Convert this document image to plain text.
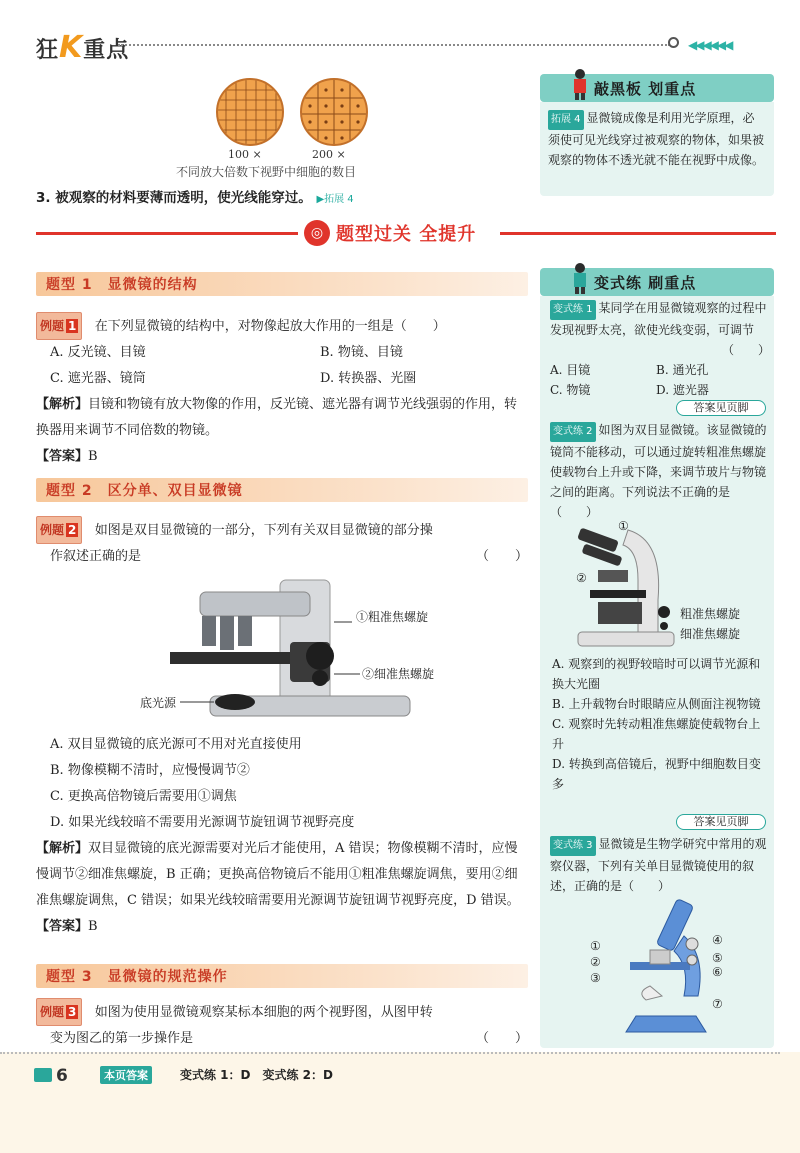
狂K重点	◀◀◀◀◀◀
100 ×	200 ×
不同放大倍数下视野中细胞的数目
3. 被观察的材料要薄而透明，使光线能穿过。 ▶拓展 4
敲黑板 划重点
拓展 4 显微镜成像是利用光学原理，必须使可见光线穿过被观察的物体，如果被观察的物体不透光就不能在视野中成像。
◎ 题型过关 全提升
题型 1　显微镜的结构
例题 1 在下列显微镜的结构中，对物像起放大作用的一组是（　　）
A. 反光镜、目镜	B. 物镜、目镜
C. 遮光器、镜筒	D. 转换器、光圈
【解析】目镜和物镜有放大物像的作用，反光镜、遮光器有调节光线强弱的作用，转换器用来调节不同倍数的物镜。
【答案】B
题型 2　区分单、双目显微镜
例题 2 如图是双目显微镜的一部分，下列有关双目显微镜的部分操
作叙述正确的是	（　　）
①粗准焦螺旋
②细准焦螺旋
底光源
A. 双目显微镜的底光源可不用对光直接使用
B. 物像模糊不清时，应慢慢调节②
C. 更换高倍物镜后需要用①调焦
D. 如果光线较暗不需要用光源调节旋钮调节视野亮度
【解析】双目显微镜的底光源需要对光后才能使用，A 错误；物像模糊不清时，应慢慢调节②细准焦螺旋，B 正确；更换高倍物镜后不能用①粗准焦螺旋调焦，要用②细准焦螺旋调焦，C 错误；如果光线较暗需要用光源调节旋钮调节视野亮度，D 错误。
【答案】B
题型 3　显微镜的规范操作
例题 3 如图为使用显微镜观察某标本细胞的两个视野图，从图甲转
变为图乙的第一步操作是	（　　）
变式练 刷重点
变式练 1 某同学在用显微镜观察的过程中发现视野太亮，欲使光线变弱，可调节
（　　）
A. 目镜	B. 通光孔
C. 物镜	D. 遮光器
答案见页脚
变式练 2 如图为双目显微镜。该显微镜的镜筒不能移动，可以通过旋转粗准焦螺旋使载物台上升或下降，来调节玻片与物镜之间的距离。下列说法不正确的是（　　）
①
②
粗准焦螺旋
细准焦螺旋
A. 观察到的视野较暗时可以调节光源和换大光圈
B. 上升载物台时眼睛应从侧面注视物镜
C. 观察时先转动粗准焦螺旋使载物台上升
D. 转换到高倍镜后，视野中细胞数目变多
答案见页脚
变式练 3 显微镜是生物学研究中常用的观察仪器，下列有关单目显微镜使用的叙述，正确的是（　　）
①
②
③
④
⑤
⑥
⑦
6	本页答案	变式练 1：D　变式练 2：D
